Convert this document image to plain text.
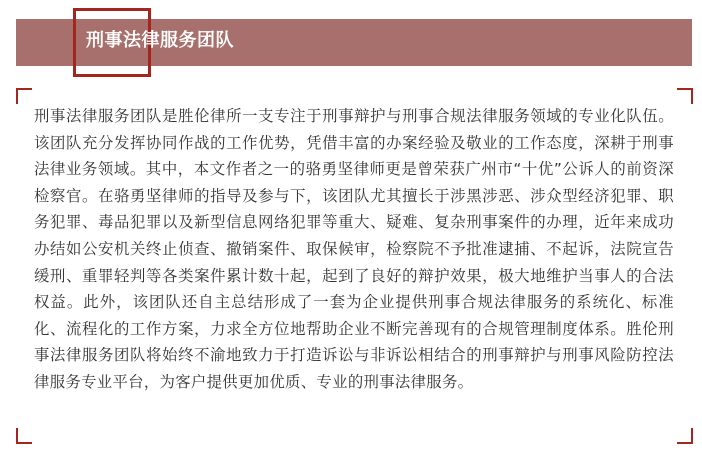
刑事法律服务团队

刑事法律服务团队是胜伦律所一支专注于刑事辩护与刑事合规法律服务领域的专业化队伍。该团队充分发挥协同作战的工作优势，凭借丰富的办案经验及敬业的工作态度，深耕于刑事法律业务领域。其中，本文作者之一的骆勇坚律师更是曾荣获广州市“十优”公诉人的前资深检察官。在骆勇坚律师的指导及参与下，该团队尤其擅长于涉黑涉恶、涉众型经济犯罪、职务犯罪、毒品犯罪以及新型信息网络犯罪等重大、疑难、复杂刑事案件的办理，近年来成功办结如公安机关终止侦查、撤销案件、取保候审，检察院不予批准逮捕、不起诉，法院宣告缓刑、重罪轻判等各类案件累计数十起，起到了良好的辩护效果，极大地维护当事人的合法权益。此外，该团队还自主总结形成了一套为企业提供刑事合规法律服务的系统化、标准化、流程化的工作方案，力求全方位地帮助企业不断完善现有的合规管理制度体系。胜伦刑事法律服务团队将始终不渝地致力于打造诉讼与非诉讼相结合的刑事辩护与刑事风险防控法律服务专业平台，为客户提供更加优质、专业的刑事法律服务。
